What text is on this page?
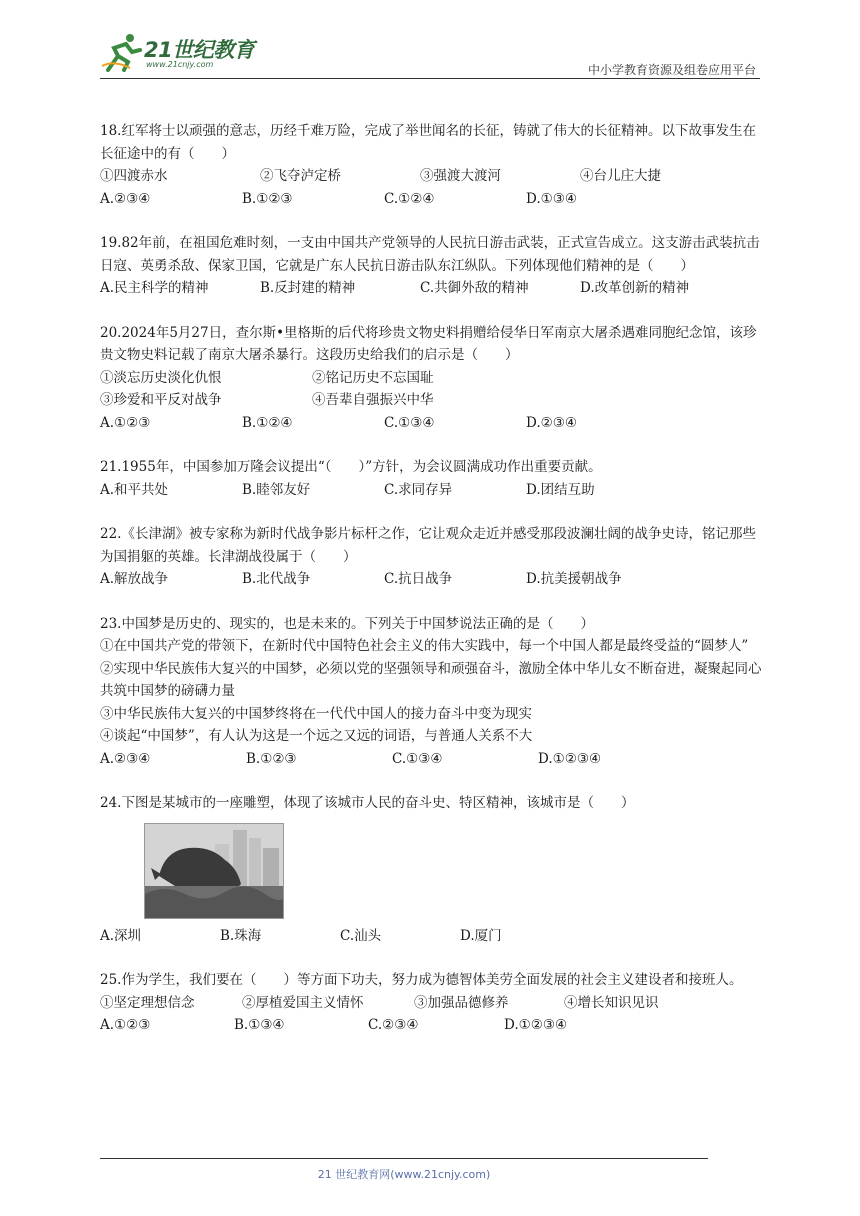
21世纪教育
www.21cnjy.com	中小学教育资源及组卷应用平台

18.红军将士以顽强的意志，历经千难万险，完成了举世闻名的长征，铸就了伟大的长征精神。以下故事发生在长征途中的有（　　）

①四渡赤水	②飞夺泸定桥	③强渡大渡河	④台儿庄大捷
A.②③④	B.①②③	C.①②④	D.①③④

19.82年前，在祖国危难时刻，一支由中国共产党领导的人民抗日游击武装，正式宣告成立。这支游击武装抗击日寇、英勇杀敌、保家卫国，它就是广东人民抗日游击队东江纵队。下列体现他们精神的是（　　）

A.民主科学的精神	B.反封建的精神	C.共御外敌的精神	D.改革创新的精神

20.2024年5月27日，查尔斯•里格斯的后代将珍贵文物史料捐赠给侵华日军南京大屠杀遇难同胞纪念馆，该珍贵文物史料记载了南京大屠杀暴行。这段历史给我们的启示是（　　）

①淡忘历史淡化仇恨	②铭记历史不忘国耻
③珍爱和平反对战争	④吾辈自强振兴中华
A.①②③	B.①②④	C.①③④	D.②③④

21.1955年，中国参加万隆会议提出“（　　）”方针，为会议圆满成功作出重要贡献。

A.和平共处	B.睦邻友好	C.求同存异	D.团结互助

22.《长津湖》被专家称为新时代战争影片标杆之作，它让观众走近并感受那段波澜壮阔的战争史诗，铭记那些为国捐躯的英雄。长津湖战役属于（　　）

A.解放战争	B.北代战争	C.抗日战争	D.抗美援朝战争

23.中国梦是历史的、现实的，也是未来的。下列关于中国梦说法正确的是（　　）

①在中国共产党的带领下，在新时代中国特色社会主义的伟大实践中，每一个中国人都是最终受益的“圆梦人”

②实现中华民族伟大复兴的中国梦，必须以党的坚强领导和顽强奋斗，激励全体中华儿女不断奋进，凝聚起同心共筑中国梦的磅礴力量

③中华民族伟大复兴的中国梦终将在一代代中国人的接力奋斗中变为现实

④谈起“中国梦”，有人认为这是一个远之又远的词语，与普通人关系不大

A.②③④	B.①②③	C.①③④	D.①②③④

24.下图是某城市的一座雕塑，体现了该城市人民的奋斗史、特区精神，该城市是（　　）

A.深圳	B.珠海	C.汕头	D.厦门

25.作为学生，我们要在（　　）等方面下功夫，努力成为德智体美劳全面发展的社会主义建设者和接班人。

①坚定理想信念	②厚植爱国主义情怀	③加强品德修养	④增长知识见识
A.①②③	B.①③④	C.②③④	D.①②③④
21 世纪教育网(www.21cnjy.com)
